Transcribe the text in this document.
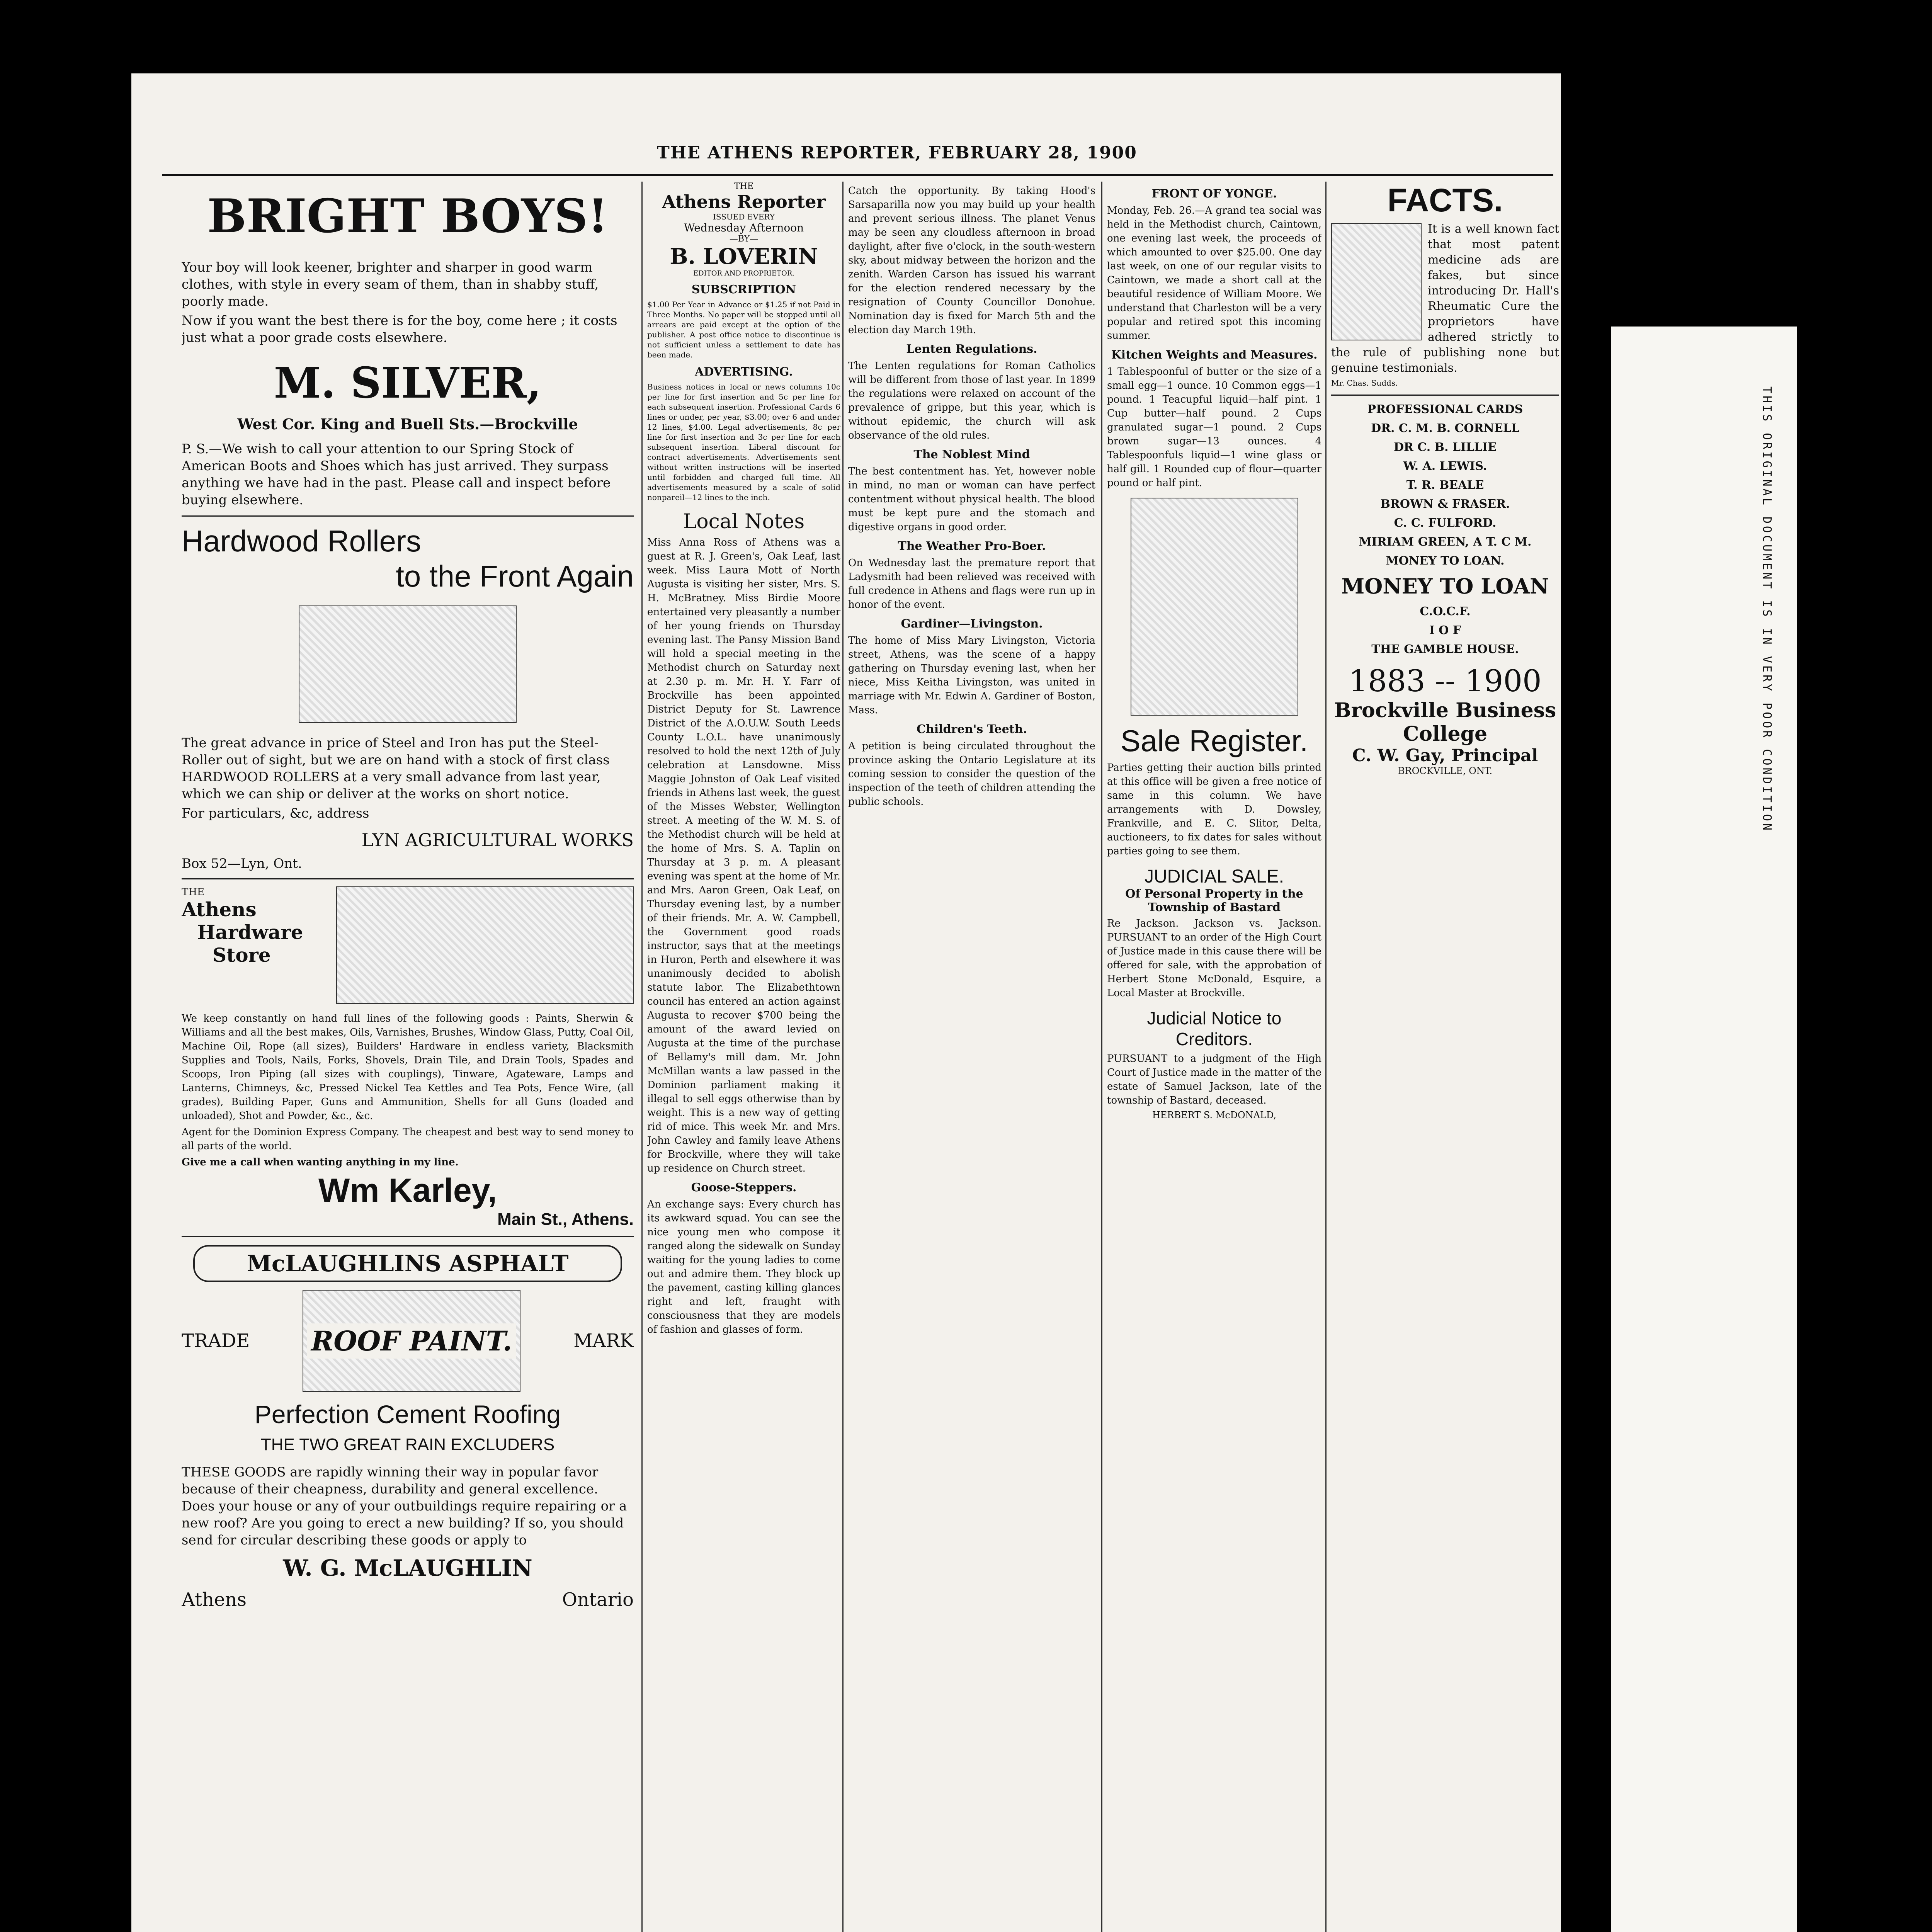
THIS ORIGINAL DOCUMENT IS IN VERY POOR CONDITION
THE ATHENS REPORTER, FEBRUARY 28, 1900
BRIGHT BOYS!

Your boy will look keener, brighter and sharper in good warm clothes, with style in every seam of them, than in shabby stuff, poorly made.

Now if you want the best there is for the boy, come here ; it costs just what a poor grade costs elsewhere.

M. SILVER,
West Cor. King and Buell Sts.—Brockville

P. S.—We wish to call your attention to our Spring Stock of American Boots and Shoes which has just arrived. They surpass anything we have had in the past. Please call and inspect before buying elsewhere.

Hardwood Rollers
to the Front Again

The great advance in price of Steel and Iron has put the Steel-Roller out of sight, but we are on hand with a stock of first class HARDWOOD ROLLERS at a very small advance from last year, which we can ship or deliver at the works on short notice.

For particulars, &c, address

LYN AGRICULTURAL WORKS
Box 52—Lyn, Ont.
THE
Athens
Hardware
Store

We keep constantly on hand full lines of the following goods : Paints, Sherwin & Williams and all the best makes, Oils, Varnishes, Brushes, Window Glass, Putty, Coal Oil, Machine Oil, Rope (all sizes), Builders' Hardware in endless variety, Blacksmith Supplies and Tools, Nails, Forks, Shovels, Drain Tile, and Drain Tools, Spades and Scoops, Iron Piping (all sizes with couplings), Tinware, Agateware, Lamps and Lanterns, Chimneys, &c, Pressed Nickel Tea Kettles and Tea Pots, Fence Wire, (all grades), Building Paper, Guns and Ammunition, Shells for all Guns (loaded and unloaded), Shot and Powder, &c., &c.

Agent for the Dominion Express Company. The cheapest and best way to send money to all parts of the world.

Give me a call when wanting anything in my line.

Wm Karley,
Main St., Athens.
McLAUGHLINS ASPHALT
TRADE ROOF PAINT.	MARK
Perfection Cement Roofing
THE TWO GREAT RAIN EXCLUDERS

THESE GOODS are rapidly winning their way in popular favor because of their cheapness, durability and general excellence. Does your house or any of your outbuildings require repairing or a new roof? Are you going to erect a new building? If so, you should send for circular describing these goods or apply to

W. G. McLAUGHLIN
Athens	Ontario
THE
Athens Reporter
ISSUED EVERY
Wednesday Afternoon
—BY—
B. LOVERIN
EDITOR AND PROPRIETOR.
SUBSCRIPTION

$1.00 Per Year in Advance or $1.25 if not Paid in Three Months. No paper will be stopped until all arrears are paid except at the option of the publisher. A post office notice to discontinue is not sufficient unless a settlement to date has been made.

ADVERTISING.

Business notices in local or news columns 10c per line for first insertion and 5c per line for each subsequent insertion. Professional Cards 6 lines or under, per year, $3.00; over 6 and under 12 lines, $4.00. Legal advertisements, 8c per line for first insertion and 3c per line for each subsequent insertion. Liberal discount for contract advertisements. Advertisements sent without written instructions will be inserted until forbidden and charged full time. All advertisements measured by a scale of solid nonpareil—12 lines to the inch.

Local Notes

Miss Anna Ross of Athens was a guest at R. J. Green's, Oak Leaf, last week. Miss Laura Mott of North Augusta is visiting her sister, Mrs. S. H. McBratney. Miss Birdie Moore entertained very pleasantly a number of her young friends on Thursday evening last. The Pansy Mission Band will hold a special meeting in the Methodist church on Saturday next at 2.30 p. m. Mr. H. Y. Farr of Brockville has been appointed District Deputy for St. Lawrence District of the A.O.U.W. South Leeds County L.O.L. have unanimously resolved to hold the next 12th of July celebration at Lansdowne. Miss Maggie Johnston of Oak Leaf visited friends in Athens last week, the guest of the Misses Webster, Wellington street. A meeting of the W. M. S. of the Methodist church will be held at the home of Mrs. S. A. Taplin on Thursday at 3 p. m. A pleasant evening was spent at the home of Mr. and Mrs. Aaron Green, Oak Leaf, on Thursday evening last, by a number of their friends. Mr. A. W. Campbell, the Government good roads instructor, says that at the meetings in Huron, Perth and elsewhere it was unanimously decided to abolish statute labor. The Elizabethtown council has entered an action against Augusta to recover $700 being the amount of the award levied on Augusta at the time of the purchase of Bellamy's mill dam. Mr. John McMillan wants a law passed in the Dominion parliament making it illegal to sell eggs otherwise than by weight. This is a new way of getting rid of mice. This week Mr. and Mrs. John Cawley and family leave Athens for Brockville, where they will take up residence on Church street.

Goose-Steppers.

An exchange says: Every church has its awkward squad. You can see the nice young men who compose it ranged along the sidewalk on Sunday waiting for the young ladies to come out and admire them. They block up the pavement, casting killing glances right and left, fraught with consciousness that they are models of fashion and glasses of form.

Catch the opportunity. By taking Hood's Sarsaparilla now you may build up your health and prevent serious illness. The planet Venus may be seen any cloudless afternoon in broad daylight, after five o'clock, in the south-western sky, about midway between the horizon and the zenith. Warden Carson has issued his warrant for the election rendered necessary by the resignation of County Councillor Donohue. Nomination day is fixed for March 5th and the election day March 19th.

Lenten Regulations.

The Lenten regulations for Roman Catholics will be different from those of last year. In 1899 the regulations were relaxed on account of the prevalence of grippe, but this year, which is without epidemic, the church will ask observance of the old rules.

The Noblest Mind

The best contentment has. Yet, however noble in mind, no man or woman can have perfect contentment without physical health. The blood must be kept pure and the stomach and digestive organs in good order.

The Weather Pro-Boer.

On Wednesday last the premature report that Ladysmith had been relieved was received with full credence in Athens and flags were run up in honor of the event.

Gardiner—Livingston.

The home of Miss Mary Livingston, Victoria street, Athens, was the scene of a happy gathering on Thursday evening last, when her niece, Miss Keitha Livingston, was united in marriage with Mr. Edwin A. Gardiner of Boston, Mass.

Children's Teeth.

A petition is being circulated throughout the province asking the Ontario Legislature at its coming session to consider the question of the inspection of the teeth of children attending the public schools.

FRONT OF YONGE.

Monday, Feb. 26.—A grand tea social was held in the Methodist church, Caintown, one evening last week, the proceeds of which amounted to over $25.00. One day last week, on one of our regular visits to Caintown, we made a short call at the beautiful residence of William Moore. We understand that Charleston will be a very popular and retired spot this incoming summer.

Kitchen Weights and Measures.

1 Tablespoonful of butter or the size of a small egg—1 ounce. 10 Common eggs—1 pound. 1 Teacupful liquid—half pint. 1 Cup butter—half pound. 2 Cups granulated sugar—1 pound. 2 Cups brown sugar—13 ounces. 4 Tablespoonfuls liquid—1 wine glass or half gill. 1 Rounded cup of flour—quarter pound or half pint.

Sale Register.

Parties getting their auction bills printed at this office will be given a free notice of same in this column. We have arrangements with D. Dowsley, Frankville, and E. C. Slitor, Delta, auctioneers, to fix dates for sales without parties going to see them.

JUDICIAL SALE.
Of Personal Property in the Township of Bastard

Re Jackson. Jackson vs. Jackson. PURSUANT to an order of the High Court of Justice made in this cause there will be offered for sale, with the approbation of Herbert Stone McDonald, Esquire, a Local Master at Brockville.

Judicial Notice to Creditors.

PURSUANT to a judgment of the High Court of Justice made in the matter of the estate of Samuel Jackson, late of the township of Bastard, deceased.

HERBERT S. McDONALD,
FACTS.

It is a well known fact that most patent medicine ads are fakes, but since introducing Dr. Hall's Rheumatic Cure the proprietors have adhered strictly to the rule of publishing none but genuine testimonials.

Mr. Chas. Sudds.
PROFESSIONAL CARDS
DR. C. M. B. CORNELL
DR C. B. LILLIE
W. A. LEWIS.
T. R. BEALE
BROWN & FRASER.
C. C. FULFORD.
MIRIAM GREEN, A T. C M.
MONEY TO LOAN.
MONEY TO LOAN
C.O.C.F.
I O F
THE GAMBLE HOUSE.
1883 -- 1900
Brockville Business College
C. W. Gay, Principal
BROCKVILLE, ONT.
